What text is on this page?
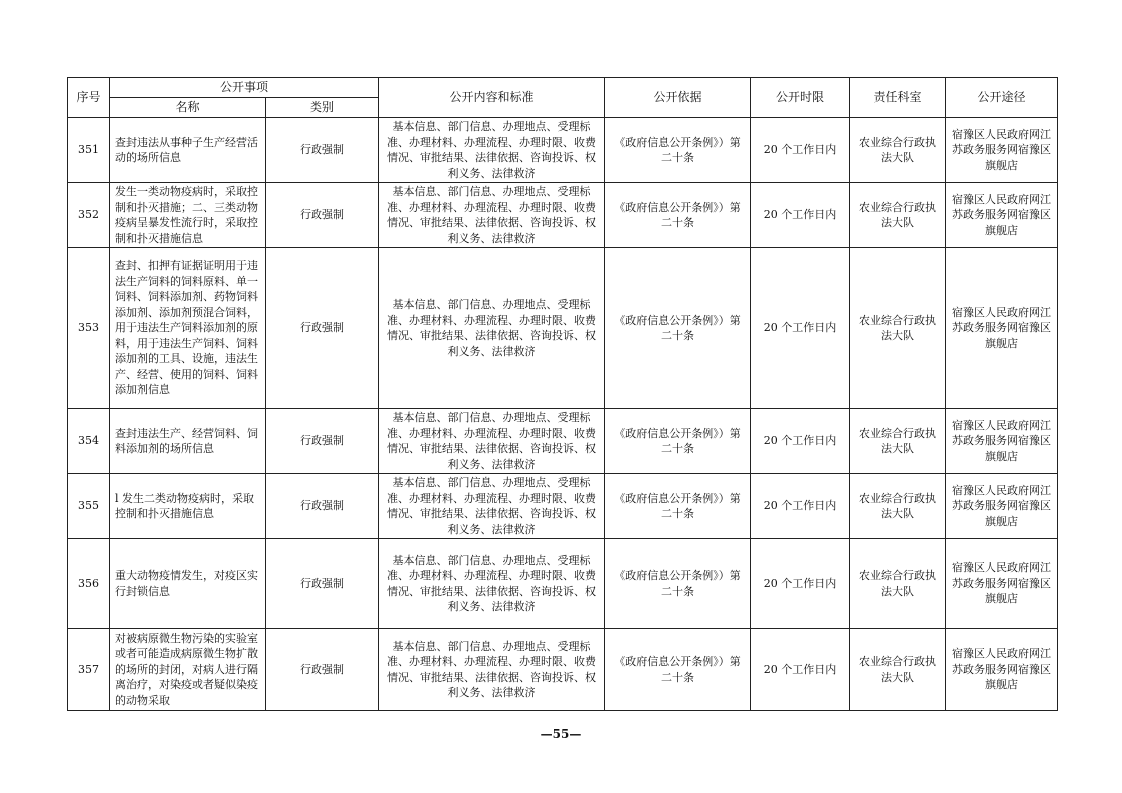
序号	公开事项		公开内容和标准	公开依据	公开时限	责任科室	公开途径
	名称	类别					
351	查封违法从事种子生产经营活动的场所信息	行政强制	基本信息、部门信息、办理地点、受理标准、办理材料、办理流程、办理时限、收费情况、审批结果、法律依据、咨询投诉、权利义务、法律救济	《政府信息公开条例》）第二十条	20 个工作日内	农业综合行政执法大队	宿豫区人民政府网江苏政务服务网宿豫区旗舰店
352	发生一类动物疫病时，采取控制和扑灭措施；二、三类动物疫病呈暴发性流行时，采取控制和扑灭措施信息	行政强制	基本信息、部门信息、办理地点、受理标准、办理材料、办理流程、办理时限、收费情况、审批结果、法律依据、咨询投诉、权利义务、法律救济	《政府信息公开条例》）第二十条	20 个工作日内	农业综合行政执法大队	宿豫区人民政府网江苏政务服务网宿豫区旗舰店
353	查封、扣押有证据证明用于违法生产饲料的饲料原料、单一饲料、饲料添加剂、药物饲料添加剂、添加剂预混合饲料，用于违法生产饲料添加剂的原料，用于违法生产饲料、饲料添加剂的工具、设施，违法生产、经营、使用的饲料、饲料添加剂信息	行政强制	基本信息、部门信息、办理地点、受理标准、办理材料、办理流程、办理时限、收费情况、审批结果、法律依据、咨询投诉、权利义务、法律救济	《政府信息公开条例》）第二十条	20 个工作日内	农业综合行政执法大队	宿豫区人民政府网江苏政务服务网宿豫区旗舰店
354	查封违法生产、经营饲料、饲料添加剂的场所信息	行政强制	基本信息、部门信息、办理地点、受理标准、办理材料、办理流程、办理时限、收费情况、审批结果、法律依据、咨询投诉、权利义务、法律救济	《政府信息公开条例》）第二十条	20 个工作日内	农业综合行政执法大队	宿豫区人民政府网江苏政务服务网宿豫区旗舰店
355	l 发生二类动物疫病时，采取控制和扑灭措施信息	行政强制	基本信息、部门信息、办理地点、受理标准、办理材料、办理流程、办理时限、收费情况、审批结果、法律依据、咨询投诉、权利义务、法律救济	《政府信息公开条例》）第二十条	20 个工作日内	农业综合行政执法大队	宿豫区人民政府网江苏政务服务网宿豫区旗舰店
356	重大动物疫情发生，对疫区实行封锁信息	行政强制	基本信息、部门信息、办理地点、受理标准、办理材料、办理流程、办理时限、收费情况、审批结果、法律依据、咨询投诉、权利义务、法律救济	《政府信息公开条例》）第二十条	20 个工作日内	农业综合行政执法大队	宿豫区人民政府网江苏政务服务网宿豫区旗舰店
357	对被病原微生物污染的实验室或者可能造成病原微生物扩散的场所的封闭，对病人进行隔离治疗，对染疫或者疑似染疫的动物采取	行政强制	基本信息、部门信息、办理地点、受理标准、办理材料、办理流程、办理时限、收费情况、审批结果、法律依据、咨询投诉、权利义务、法律救济	《政府信息公开条例》）第二十条	20 个工作日内	农业综合行政执法大队	宿豫区人民政府网江苏政务服务网宿豫区旗舰店
—55—
